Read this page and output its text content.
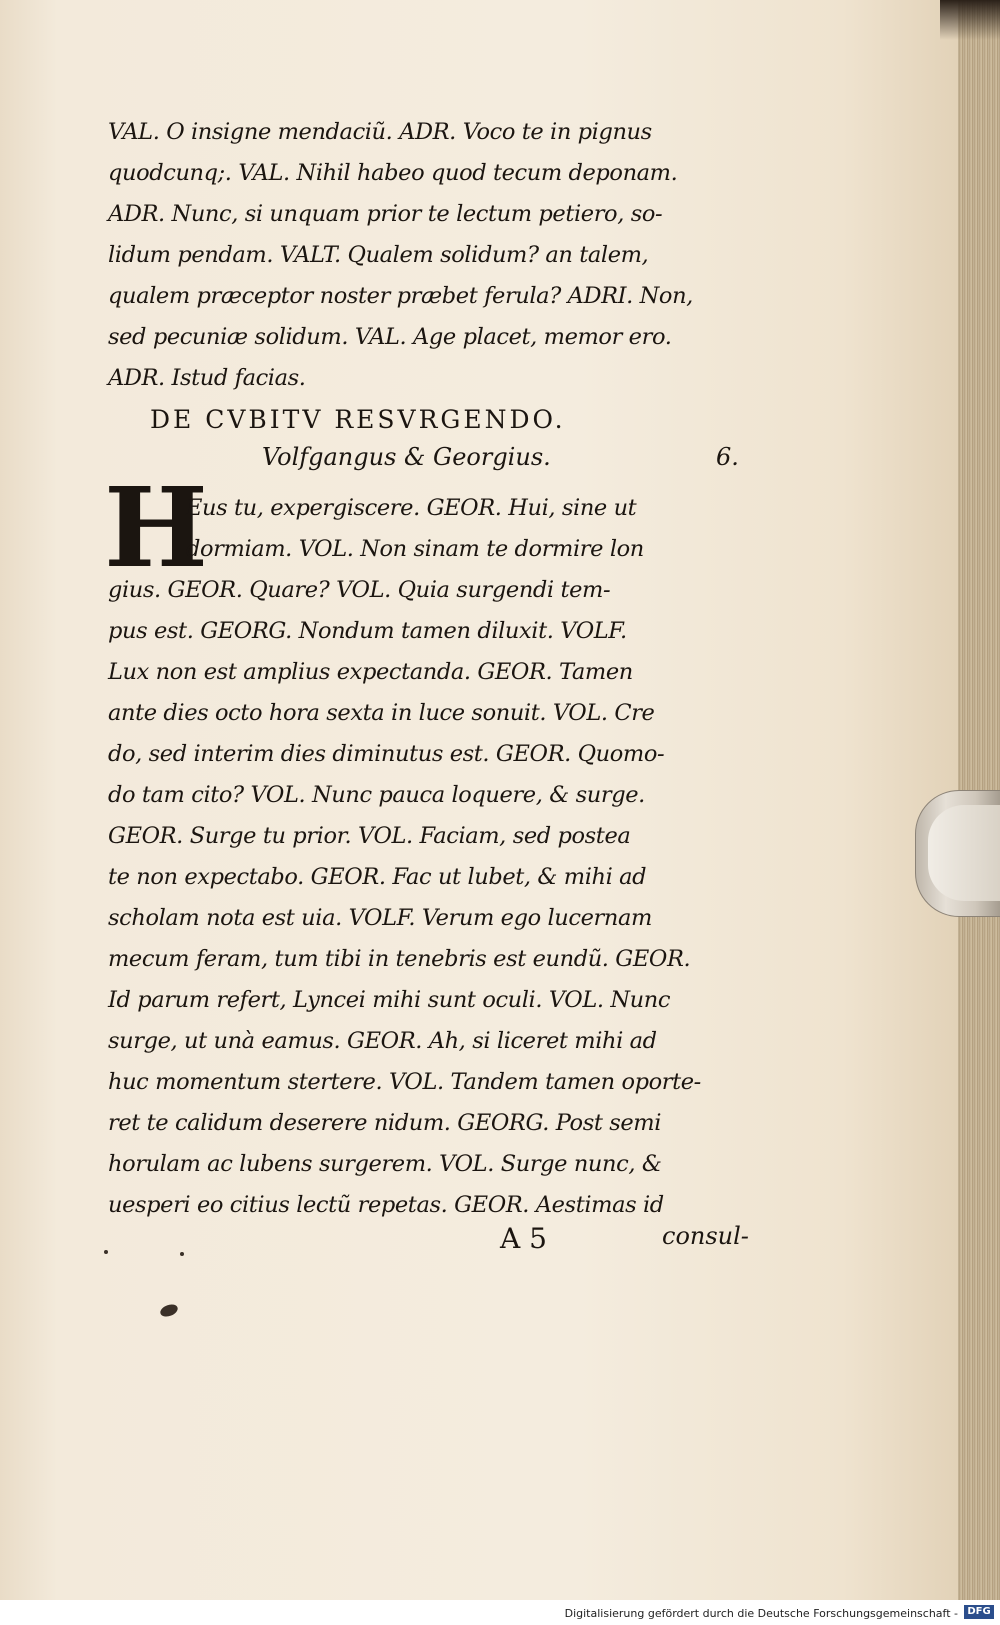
VAL. O insigne mendaciũ. ADR. Voco te in pignus
quodcunq;. VAL. Nihil habeo quod tecum deponam.
ADR. Nunc, si unquam prior te lectum petiero, so-
lidum pendam. VALT. Qualem solidum? an talem,
qualem præceptor noster præbet ferula? ADRI. Non,
sed pecuniæ solidum. VAL. Age placet, memor ero.
ADR. Istud facias.
DE CVBITV RESVRGENDO.
Volfgangus & Georgius.	6.
H
Eus tu, expergiscere. GEOR. Hui, sine ut
dormiam. VOL. Non sinam te dormire lon
gius. GEOR. Quare? VOL. Quia surgendi tem-
pus est. GEORG. Nondum tamen diluxit. VOLF.
Lux non est amplius expectanda. GEOR. Tamen
ante dies octo hora sexta in luce sonuit. VOL. Cre
do, sed interim dies diminutus est. GEOR. Quomo-
do tam cito? VOL. Nunc pauca loquere, & surge.
GEOR. Surge tu prior. VOL. Faciam, sed postea
te non expectabo. GEOR. Fac ut lubet, & mihi ad
scholam nota est uia. VOLF. Verum ego lucernam
mecum feram, tum tibi in tenebris est eundũ. GEOR.
Id parum refert, Lyncei mihi sunt oculi. VOL. Nunc
surge, ut unà eamus. GEOR. Ah, si liceret mihi ad
huc momentum stertere. VOL. Tandem tamen oporte-
ret te calidum deserere nidum. GEORG. Post semi
horulam ac lubens surgerem. VOL. Surge nunc, &
uesperi eo citius lectũ repetas. GEOR. Aestimas id
A 5	consul-
Digitalisierung gefördert durch die Deutsche Forschungsgemeinschaft - DFG
